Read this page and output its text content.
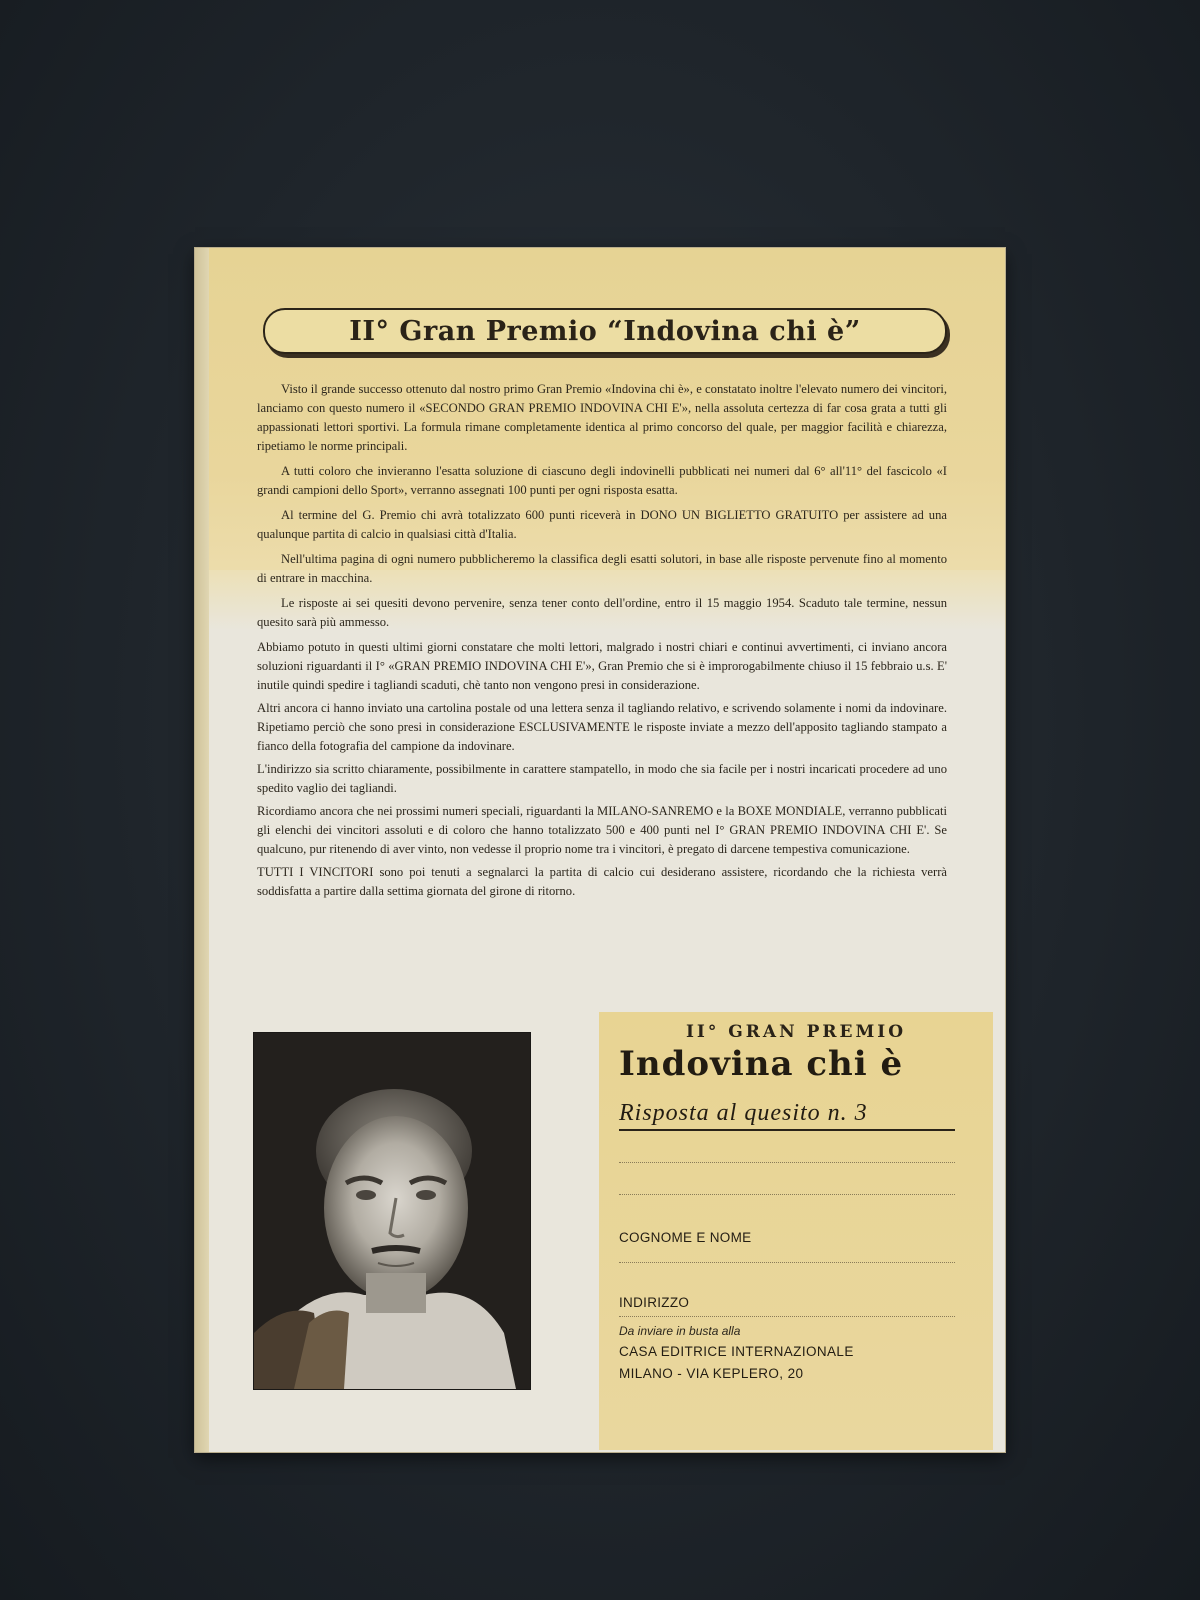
II° Gran Premio “Indovina chi è”

Visto il grande successo ottenuto dal nostro primo Gran Premio «Indovina chi è», e constatato inoltre l'elevato numero dei vincitori, lanciamo con questo numero il «SECONDO GRAN PREMIO INDOVINA CHI E'», nella assoluta certezza di far cosa grata a tutti gli appassionati lettori sportivi. La formula rimane completamente identica al primo concorso del quale, per maggior facilità e chiarezza, ripetiamo le norme principali.

A tutti coloro che invieranno l'esatta soluzione di ciascuno degli indovinelli pubblicati nei numeri dal 6° all'11° del fascicolo «I grandi campioni dello Sport», verranno assegnati 100 punti per ogni risposta esatta.

Al termine del G. Premio chi avrà totalizzato 600 punti riceverà in DONO UN BIGLIETTO GRATUITO per assistere ad una qualunque partita di calcio in qualsiasi città d'Italia.

Nell'ultima pagina di ogni numero pubblicheremo la classifica degli esatti solutori, in base alle risposte pervenute fino al momento di entrare in macchina.

Le risposte ai sei quesiti devono pervenire, senza tener conto dell'ordine, entro il 15 maggio 1954. Scaduto tale termine, nessun quesito sarà più ammesso.

Abbiamo potuto in questi ultimi giorni constatare che molti lettori, malgrado i nostri chiari e continui avvertimenti, ci inviano ancora soluzioni riguardanti il I° «GRAN PREMIO INDOVINA CHI E'», Gran Premio che si è improrogabilmente chiuso il 15 febbraio u.s. E' inutile quindi spedire i tagliandi scaduti, chè tanto non vengono presi in considerazione.

Altri ancora ci hanno inviato una cartolina postale od una lettera senza il tagliando relativo, e scrivendo solamente i nomi da indovinare. Ripetiamo perciò che sono presi in considerazione ESCLUSIVAMENTE le risposte inviate a mezzo dell'apposito tagliando stampato a fianco della fotografia del campione da indovinare.

L'indirizzo sia scritto chiaramente, possibilmente in carattere stampatello, in modo che sia facile per i nostri incaricati procedere ad uno spedito vaglio dei tagliandi.

Ricordiamo ancora che nei prossimi numeri speciali, riguardanti la MILANO-SANREMO e la BOXE MONDIALE, verranno pubblicati gli elenchi dei vincitori assoluti e di coloro che hanno totalizzato 500 e 400 punti nel I° GRAN PREMIO INDOVINA CHI E'. Se qualcuno, pur ritenendo di aver vinto, non vedesse il proprio nome tra i vincitori, è pregato di darcene tempestiva comunicazione.

TUTTI I VINCITORI sono poi tenuti a segnalarci la partita di calcio cui desiderano assistere, ricordando che la richiesta verrà soddisfatta a partire dalla settima giornata del girone di ritorno.

II° GRAN PREMIO
Indovina chi è
Risposta al quesito n. 3
COGNOME E NOME
INDIRIZZO
Da inviare in busta alla
CASA EDITRICE INTERNAZIONALE
MILANO - VIA KEPLERO, 20
